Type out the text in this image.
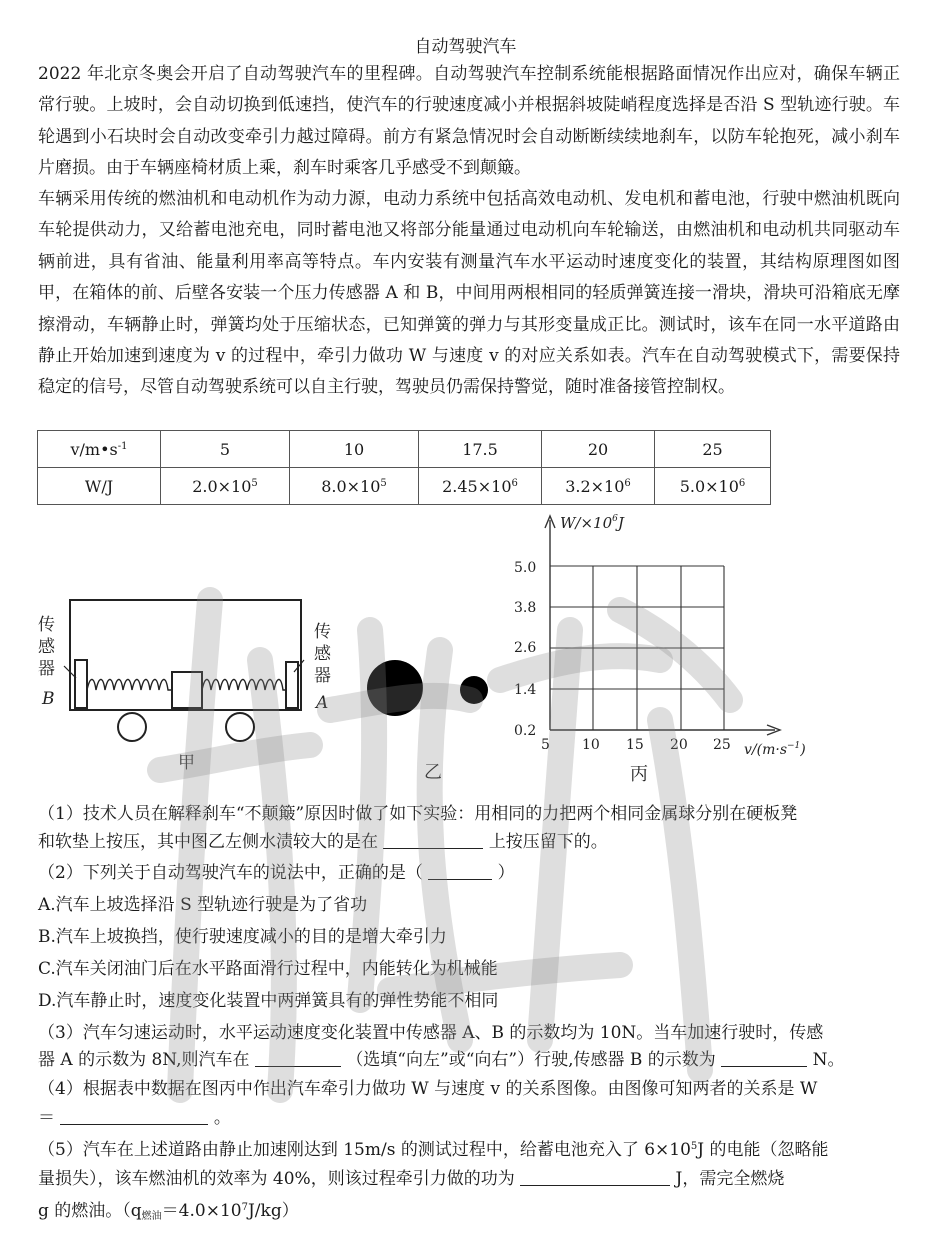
自动驾驶汽车
2022 年北京冬奥会开启了自动驾驶汽车的里程碑。自动驾驶汽车控制系统能根据路面情况作出应对，确保车辆正常行驶。上坡时，会自动切换到低速挡，使汽车的行驶速度减小并根据斜坡陡峭程度选择是否沿 S 型轨迹行驶。车轮遇到小石块时会自动改变牵引力越过障碍。前方有紧急情况时会自动断断续续地刹车，以防车轮抱死，减小刹车片磨损。由于车辆座椅材质上乘，刹车时乘客几乎感受不到颠簸。
车辆采用传统的燃油机和电动机作为动力源，电动力系统中包括高效电动机、发电机和蓄电池，行驶中燃油机既向车轮提供动力，又给蓄电池充电，同时蓄电池又将部分能量通过电动机向车轮输送，由燃油机和电动机共同驱动车辆前进，具有省油、能量利用率高等特点。车内安装有测量汽车水平运动时速度变化的装置，其结构原理图如图甲，在箱体的前、后壁各安装一个压力传感器 A 和 B，中间用两根相同的轻质弹簧连接一滑块，滑块可沿箱底无摩擦滑动，车辆静止时，弹簧均处于压缩状态，已知弹簧的弹力与其形变量成正比。测试时，该车在同一水平道路由静止开始加速到速度为 v 的过程中，牵引力做功 W 与速度 v 的对应关系如表。汽车在自动驾驶模式下，需要保持稳定的信号，尽管自动驾驶系统可以自主行驶，驾驶员仍需保持警觉，随时准备接管控制权。
$v/m•s^{-1}$	5	10	17.5	20	25
W/J	$2.0\times 10^5$	$8.0\times 10^5$	$2.45\times 10^6$	$3.2\times 10^6$	$5.0\times 10^6$
传
感
器
B
传
感
器
A
甲	乙
5.0
3.8
2.6
1.4
0.2
5 10 15 20 25
$W/\times 10^6J$
$v/(m\cdot s^{-1})$
丙
（1）技术人员在解释刹车“不颠簸”原因时做了如下实验：用相同的力把两个相同金属球分别在硬板凳
和软垫上按压，其中图乙左侧水渍较大的是在	上按压留下的。
（2）下列关于自动驾驶汽车的说法中，正确的是（	）
A.汽车上坡选择沿 S 型轨迹行驶是为了省功
B.汽车上坡换挡，使行驶速度减小的目的是增大牵引力
C.汽车关闭油门后在水平路面滑行过程中，内能转化为机械能
D.汽车静止时，速度变化装置中两弹簧具有的弹性势能不相同
（3）汽车匀速运动时，水平运动速度变化装置中传感器 A、B 的示数均为 10N。当车加速行驶时，传感
器 A 的示数为 8N,则汽车在	（选填“向左”或“向右”）行驶,传感器 B 的示数为	N。
（4）根据表中数据在图丙中作出汽车牵引力做功 W 与速度 v 的关系图像。由图像可知两者的关系是 W
＝	。
（5）汽车在上述道路由静止加速刚达到 15m/s 的测试过程中，给蓄电池充入了 $6\times 10^5J$ 的电能（忽略能
量损失），该车燃油机的效率为 40%，则该过程牵引力做的功为	J，需完全燃烧
g 的燃油。$(q_{燃油}=4.0\times 10^7J/kg)$
